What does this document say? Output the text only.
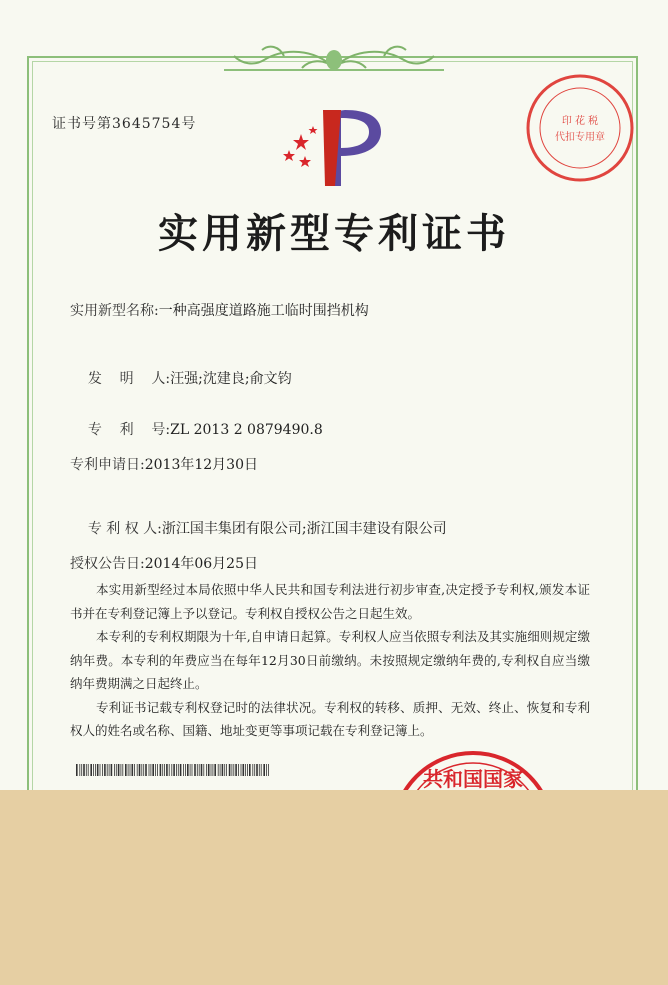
证书号第3645754号	印 花 税
代扣专用章
实用新型专利证书
实用新型名称:一种高强度道路施工临时围挡机构

发    明    人:汪强;沈建良;俞文钧

专    利    号:ZL 2013 2 0879490.8

专利申请日:2013年12月30日

专 利 权 人:浙江国丰集团有限公司;浙江国丰建设有限公司

授权公告日:2014年06月25日

本实用新型经过本局依照中华人民共和国专利法进行初步审查,决定授予专利权,颁发本证书并在专利登记簿上予以登记。专利权自授权公告之日起生效。

本专利的专利权期限为十年,自申请日起算。专利权人应当依照专利法及其实施细则规定缴纳年费。本专利的年费应当在每年12月30日前缴纳。未按照规定缴纳年费的,专利权自应当缴纳年费期满之日起终止。

专利证书记载专利权登记时的法律状况。专利权的转移、质押、无效、终止、恢复和专利权人的姓名或名称、国籍、地址变更等事项记载在专利登记簿上。

共和国国家
